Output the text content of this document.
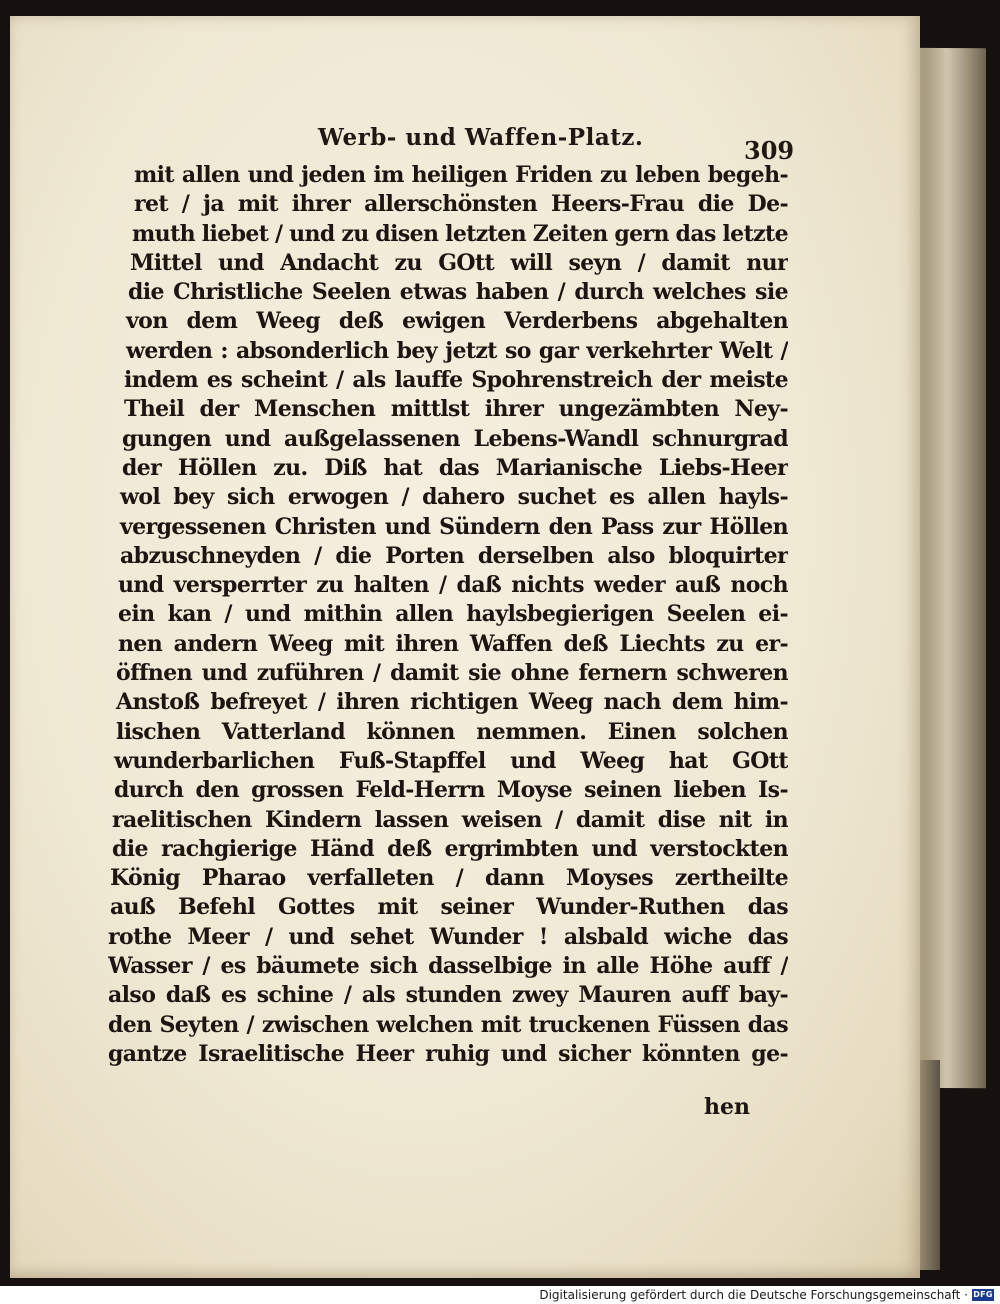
Werb- und Waffen-Platz.	309
mit allen und jeden im heiligen Friden zu leben begeh-
ret / ja mit ihrer allerschönsten Heers-Frau die De-
muth liebet / und zu disen letzten Zeiten gern das letzte
Mittel und Andacht zu GOtt will seyn / damit nur
die Christliche Seelen etwas haben / durch welches sie
von dem Weeg deß ewigen Verderbens abgehalten
werden : absonderlich bey jetzt so gar verkehrter Welt /
indem es scheint / als lauffe Spohrenstreich der meiste
Theil der Menschen mittlst ihrer ungezämbten Ney-
gungen und außgelassenen Lebens-Wandl schnurgrad
der Höllen zu. Diß hat das Marianische Liebs-Heer
wol bey sich erwogen / dahero suchet es allen hayls-
vergessenen Christen und Sündern den Pass zur Höllen
abzuschneyden / die Porten derselben also bloquirter
und versperrter zu halten / daß nichts weder auß noch
ein kan / und mithin allen haylsbegierigen Seelen ei-
nen andern Weeg mit ihren Waffen deß Liechts zu er-
öffnen und zuführen / damit sie ohne fernern schweren
Anstoß befreyet / ihren richtigen Weeg nach dem him-
lischen Vatterland können nemmen. Einen solchen
wunderbarlichen Fuß-Stapffel und Weeg hat GOtt
durch den grossen Feld-Herrn Moyse seinen lieben Is-
raelitischen Kindern lassen weisen / damit dise nit in
die rachgierige Händ deß ergrimbten und verstockten
König Pharao verfalleten / dann Moyses zertheilte
auß Befehl Gottes mit seiner Wunder-Ruthen das
rothe Meer / und sehet Wunder ! alsbald wiche das
Wasser / es bäumete sich dasselbige in alle Höhe auff /
also daß es schine / als stunden zwey Mauren auff bay-
den Seyten / zwischen welchen mit truckenen Füssen das
gantze Israelitische Heer ruhig und sicher könnten ge-
hen
Digitalisierung gefördert durch die Deutsche Forschungsgemeinschaft · DFG
